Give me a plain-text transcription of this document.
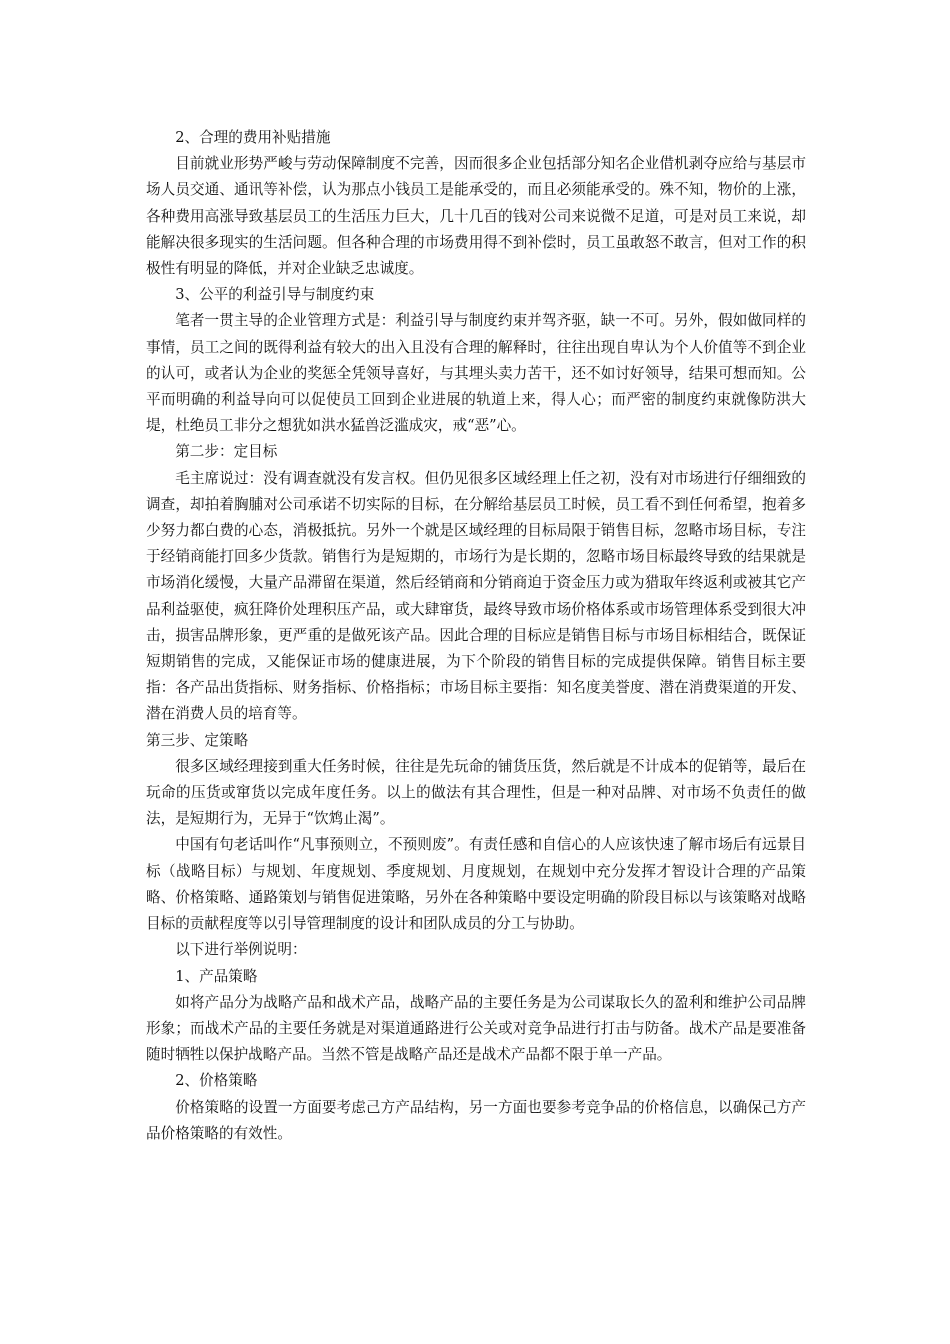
2、合理的费用补贴措施

目前就业形势严峻与劳动保障制度不完善，因而很多企业包括部分知名企业借机剥夺应给与基层市场人员交通、通讯等补偿，认为那点小钱员工是能承受的，而且必须能承受的。殊不知，物价的上涨，各种费用高涨导致基层员工的生活压力巨大，几十几百的钱对公司来说微不足道，可是对员工来说，却能解决很多现实的生活问题。但各种合理的市场费用得不到补偿时，员工虽敢怒不敢言，但对工作的积极性有明显的降低，并对企业缺乏忠诚度。

3、公平的利益引导与制度约束

笔者一贯主导的企业管理方式是：利益引导与制度约束并驾齐驱，缺一不可。另外，假如做同样的事情，员工之间的既得利益有较大的出入且没有合理的解释时，往往出现自卑认为个人价值等不到企业的认可，或者认为企业的奖惩全凭领导喜好，与其埋头卖力苦干，还不如讨好领导，结果可想而知。公平而明确的利益导向可以促使员工回到企业进展的轨道上来，得人心；而严密的制度约束就像防洪大堤，杜绝员工非分之想犹如洪水猛兽泛滥成灾，戒“恶”心。

第二步：定目标

毛主席说过：没有调查就没有发言权。但仍见很多区域经理上任之初，没有对市场进行仔细细致的调查，却拍着胸脯对公司承诺不切实际的目标，在分解给基层员工时候，员工看不到任何希望，抱着多少努力都白费的心态，消极抵抗。另外一个就是区域经理的目标局限于销售目标，忽略市场目标，专注于经销商能打回多少货款。销售行为是短期的，市场行为是长期的，忽略市场目标最终导致的结果就是市场消化缓慢，大量产品滞留在渠道，然后经销商和分销商迫于资金压力或为猎取年终返利或被其它产品利益驱使，疯狂降价处理积压产品，或大肆窜货，最终导致市场价格体系或市场管理体系受到很大冲击，损害品牌形象，更严重的是做死该产品。因此合理的目标应是销售目标与市场目标相结合，既保证短期销售的完成，又能保证市场的健康进展，为下个阶段的销售目标的完成提供保障。销售目标主要指：各产品出货指标、财务指标、价格指标；市场目标主要指：知名度美誉度、潜在消费渠道的开发、潜在消费人员的培育等。

第三步、定策略

很多区域经理接到重大任务时候，往往是先玩命的铺货压货，然后就是不计成本的促销等，最后在玩命的压货或窜货以完成年度任务。以上的做法有其合理性，但是一种对品牌、对市场不负责任的做法，是短期行为，无异于“饮鸩止渴”。

中国有句老话叫作“凡事预则立，不预则废”。有责任感和自信心的人应该快速了解市场后有远景目标（战略目标）与规划、年度规划、季度规划、月度规划，在规划中充分发挥才智设计合理的产品策略、价格策略、通路策划与销售促进策略，另外在各种策略中要设定明确的阶段目标以与该策略对战略目标的贡献程度等以引导管理制度的设计和团队成员的分工与协助。

以下进行举例说明：

1、产品策略

如将产品分为战略产品和战术产品，战略产品的主要任务是为公司谋取长久的盈利和维护公司品牌形象；而战术产品的主要任务就是对渠道通路进行公关或对竞争品进行打击与防备。战术产品是要准备随时牺牲以保护战略产品。当然不管是战略产品还是战术产品都不限于单一产品。

2、价格策略

价格策略的设置一方面要考虑己方产品结构，另一方面也要参考竞争品的价格信息，以确保己方产品价格策略的有效性。
